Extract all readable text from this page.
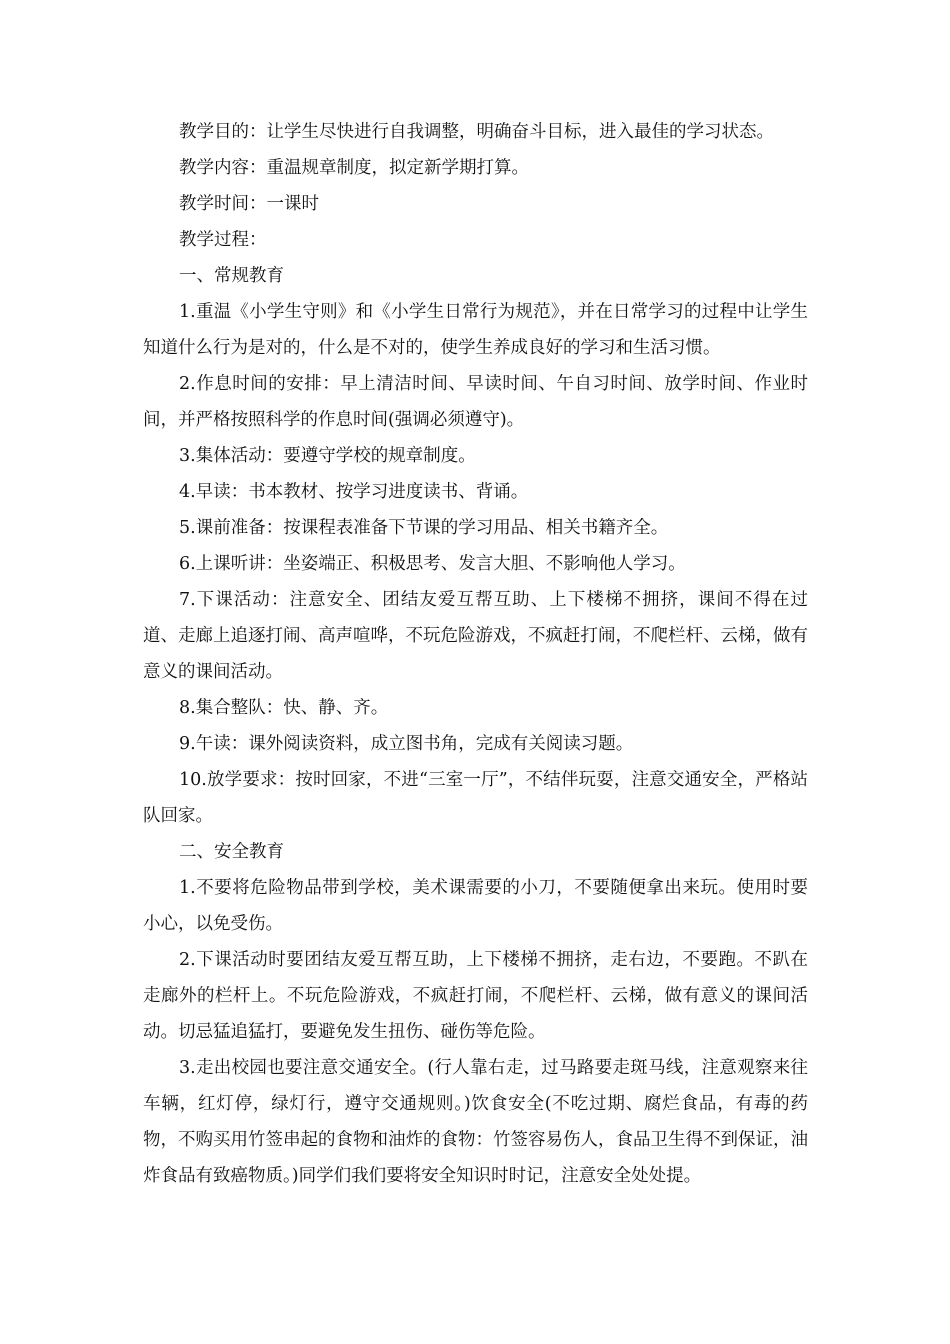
教学目的：让学生尽快进行自我调整，明确奋斗目标，进入最佳的学习状态。

教学内容：重温规章制度，拟定新学期打算。

教学时间：一课时

教学过程：

一、常规教育

1.重温《小学生守则》和《小学生日常行为规范》，并在日常学习的过程中让学生知道什么行为是对的，什么是不对的，使学生养成良好的学习和生活习惯。

2.作息时间的安排：早上清洁时间、早读时间、午自习时间、放学时间、作业时间，并严格按照科学的作息时间(强调必须遵守)。

3.集体活动：要遵守学校的规章制度。

4.早读：书本教材、按学习进度读书、背诵。

5.课前准备：按课程表准备下节课的学习用品、相关书籍齐全。

6.上课听讲：坐姿端正、积极思考、发言大胆、不影响他人学习。

7.下课活动：注意安全、团结友爱互帮互助、上下楼梯不拥挤，课间不得在过道、走廊上追逐打闹、高声喧哗，不玩危险游戏，不疯赶打闹，不爬栏杆、云梯，做有意义的课间活动。

8.集合整队：快、静、齐。

9.午读：课外阅读资料，成立图书角，完成有关阅读习题。

10.放学要求：按时回家，不进“三室一厅”，不结伴玩耍，注意交通安全，严格站队回家。

二、安全教育

1.不要将危险物品带到学校，美术课需要的小刀，不要随便拿出来玩。使用时要小心，以免受伤。

2.下课活动时要团结友爱互帮互助，上下楼梯不拥挤，走右边，不要跑。不趴在走廊外的栏杆上。不玩危险游戏，不疯赶打闹，不爬栏杆、云梯，做有意义的课间活动。切忌猛追猛打，要避免发生扭伤、碰伤等危险。

3.走出校园也要注意交通安全。(行人靠右走，过马路要走斑马线，注意观察来往车辆，红灯停，绿灯行，遵守交通规则。)饮食安全(不吃过期、腐烂食品，有毒的药物，不购买用竹签串起的食物和油炸的食物：竹签容易伤人，食品卫生得不到保证，油炸食品有致癌物质。)同学们我们要将安全知识时时记，注意安全处处提。
